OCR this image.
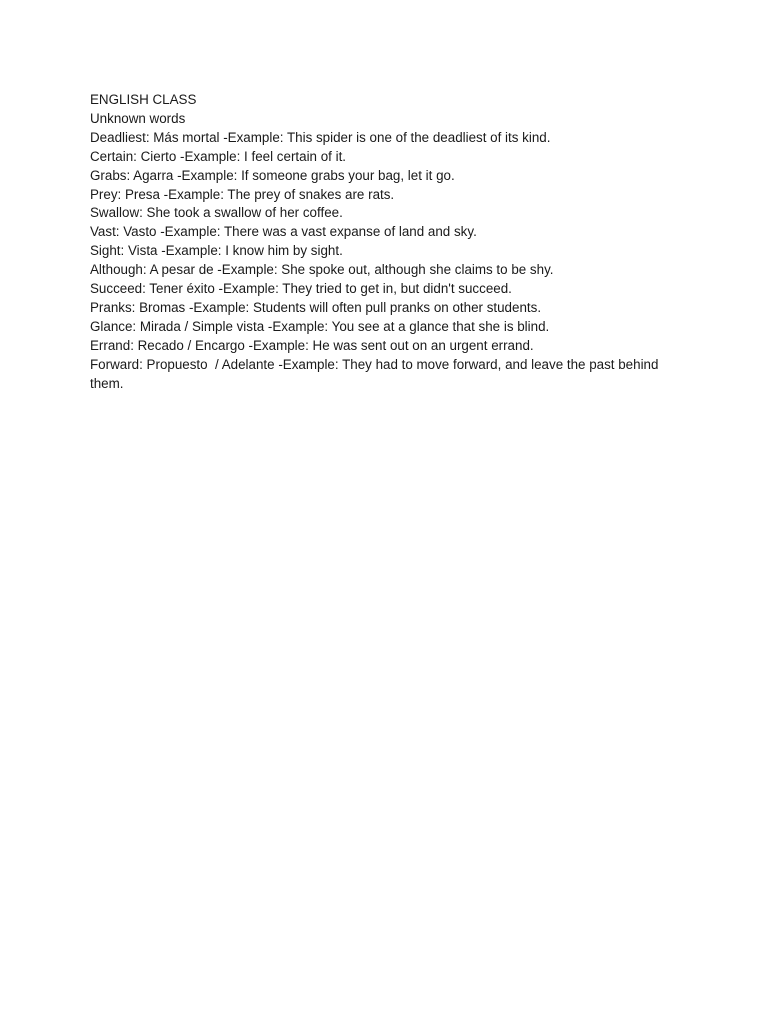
ENGLISH CLASS

Unknown words

Deadliest: Más mortal -Example: This spider is one of the deadliest of its kind.

Certain: Cierto -Example: I feel certain of it.

Grabs: Agarra -Example: If someone grabs your bag, let it go.

Prey: Presa -Example: The prey of snakes are rats.

Swallow: She took a swallow of her coffee.

Vast: Vasto -Example: There was a vast expanse of land and sky.

Sight: Vista -Example: I know him by sight.

Although: A pesar de -Example: She spoke out, although she claims to be shy.

Succeed: Tener éxito -Example: They tried to get in, but didn't succeed.

Pranks: Bromas -Example: Students will often pull pranks on other students.

Glance: Mirada / Simple vista -Example: You see at a glance that she is blind.

Errand: Recado / Encargo -Example: He was sent out on an urgent errand.

Forward: Propuesto  / Adelante -Example: They had to move forward, and leave the past behind them.
